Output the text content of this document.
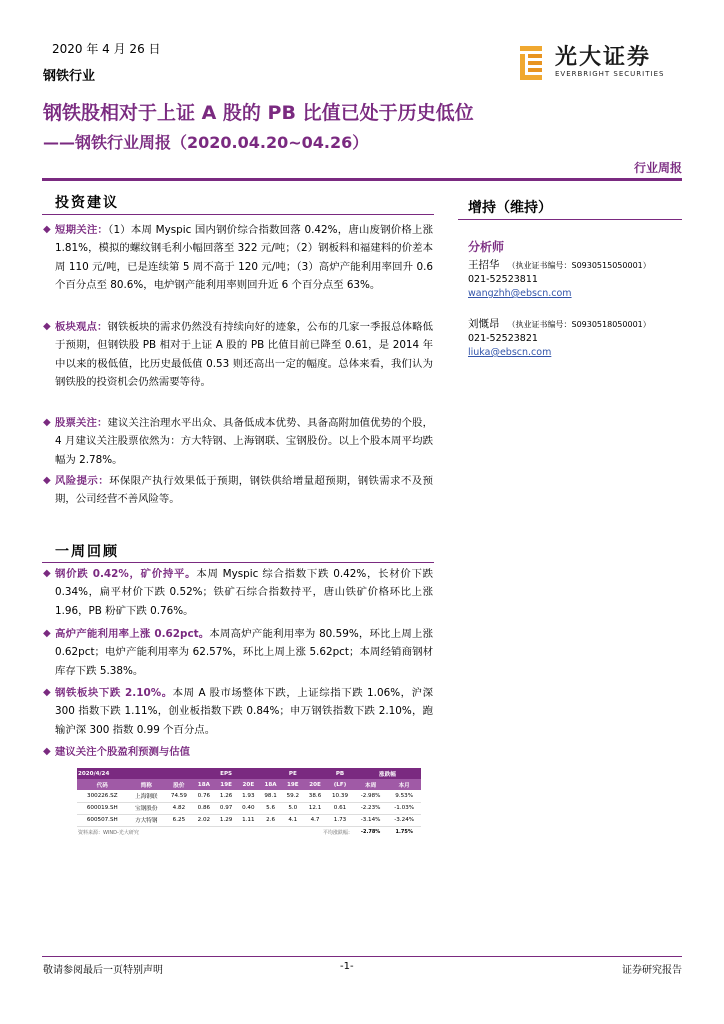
2020 年 4 月 26 日
钢铁行业
光大证券
EVERBRIGHT SECURITIES
钢铁股相对于上证 A 股的 PB 比值已处于历史低位
——钢铁行业周报（2020.04.20~04.26）
行业周报
投资建议
◆ 短期关注：（1）本周 Myspic 国内钢价综合指数回落 0.42%，唐山废钢价格上涨 1.81%，模拟的螺纹钢毛利小幅回落至 322 元/吨；（2）钢板料和福建料的价差本周 110 元/吨，已是连续第 5 周不高于 120 元/吨；（3）高炉产能利用率回升 0.6 个百分点至 80.6%，电炉钢产能利用率则回升近 6 个百分点至 63%。
◆ 板块观点：钢铁板块的需求仍然没有持续向好的迹象，公布的几家一季报总体略低于预期，但钢铁股 PB 相对于上证 A 股的 PB 比值目前已降至 0.61，是 2014 年中以来的极低值，比历史最低值 0.53 则还高出一定的幅度。总体来看，我们认为钢铁股的投资机会仍然需要等待。
◆ 股票关注：建议关注治理水平出众、具备低成本优势、具备高附加值优势的个股，4 月建议关注股票依然为：方大特钢、上海钢联、宝钢股份。以上个股本周平均跌幅为 2.78%。
◆ 风险提示：环保限产执行效果低于预期，钢铁供给增量超预期，钢铁需求不及预期，公司经营不善风险等。
增持（维持）
分析师
王招华 （执业证书编号：S0930515050001）
021-52523811
wangzhh@ebscn.com
刘慨昂 （执业证书编号：S0930518050001）
021-52523821
liuka@ebscn.com
一周回顾
◆ 钢价跌 0.42%，矿价持平。本周 Myspic 综合指数下跌 0.42%，长材价下跌 0.34%，扁平材价下跌 0.52%；铁矿石综合指数持平，唐山铁矿价格环比上涨 1.96，PB 粉矿下跌 0.76%。
◆ 高炉产能利用率上涨 0.62pct。本周高炉产能利用率为 80.59%，环比上周上涨 0.62pct；电炉产能利用率为 62.57%，环比上周上涨 5.62pct；本周经销商钢材库存下跌 5.38%。
◆ 钢铁板块下跌 2.10%。本周 A 股市场整体下跌，上证综指下跌 1.06%，沪深 300 指数下跌 1.11%，创业板指数下跌 0.84%；申万钢铁指数下跌 2.10%，跑输沪深 300 指数 0.99 个百分点。
◆ 建议关注个股盈利预测与估值
2020/4/24			EPS			PE			PB	涨跌幅	
代码	简称	股价	18A	19E	20E	18A	19E	20E	(LF)	本周	本月
300226.SZ	上海钢联	74.59	0.76	1.26	1.93	98.1	59.2	38.6	10.39	-2.98%	9.53%
600019.SH	宝钢股份	4.82	0.86	0.97	0.40	5.6	5.0	12.1	0.61	-2.23%	-1.03%
600507.SH	方大特钢	6.25	2.02	1.29	1.11	2.6	4.1	4.7	1.73	-3.14%	-3.24%
资料来源：WIND-光大研究					平均涨跌幅：					-2.78%	1.75%
敬请参阅最后一页特别声明	-1-	证券研究报告
